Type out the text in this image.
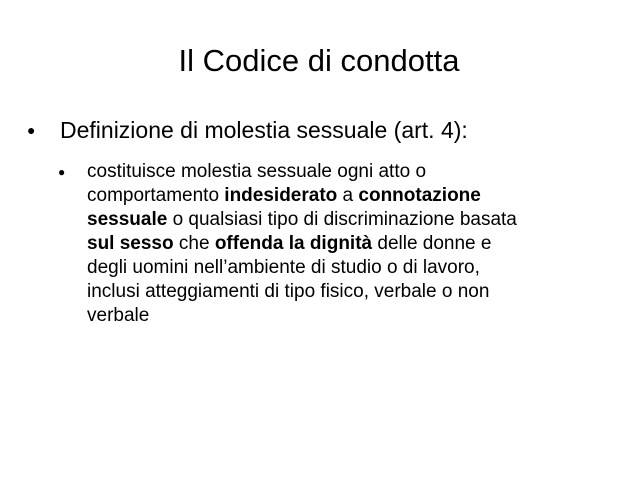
Il Codice di condotta
● Definizione di molestia sessuale (art. 4):
● costituisce molestia sessuale ogni atto o
comportamento indesiderato a connotazione
sessuale o qualsiasi tipo di discriminazione basata
sul sesso che offenda la dignità delle donne e
degli uomini nell’ambiente di studio o di lavoro,
inclusi atteggiamenti di tipo fisico, verbale o non
verbale
